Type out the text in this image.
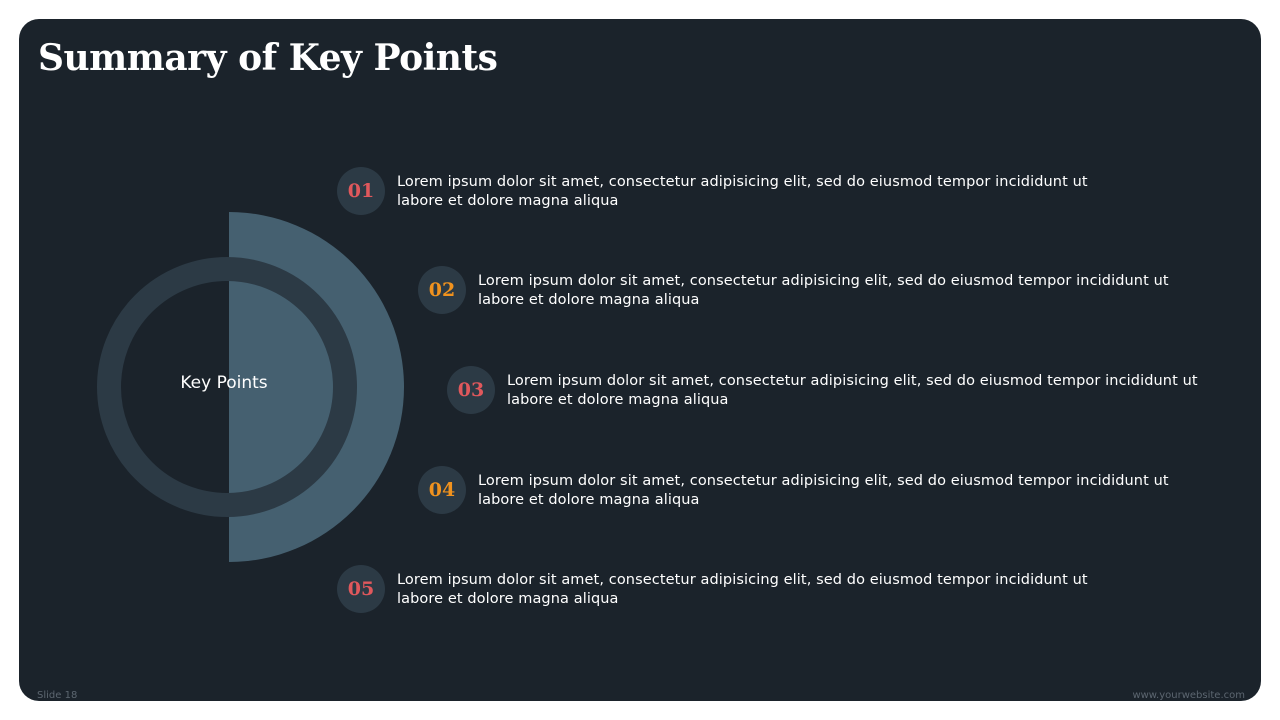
Summary of Key Points
Key Points
01	Lorem ipsum dolor sit amet, consectetur adipisicing elit, sed do eiusmod tempor incididunt ut labore et dolore magna aliqua

02	Lorem ipsum dolor sit amet, consectetur adipisicing elit, sed do eiusmod tempor incididunt ut labore et dolore magna aliqua

03	Lorem ipsum dolor sit amet, consectetur adipisicing elit, sed do eiusmod tempor incididunt ut labore et dolore magna aliqua

04	Lorem ipsum dolor sit amet, consectetur adipisicing elit, sed do eiusmod tempor incididunt ut labore et dolore magna aliqua

05	Lorem ipsum dolor sit amet, consectetur adipisicing elit, sed do eiusmod tempor incididunt ut labore et dolore magna aliqua

Slide 18	www.yourwebsite.com
